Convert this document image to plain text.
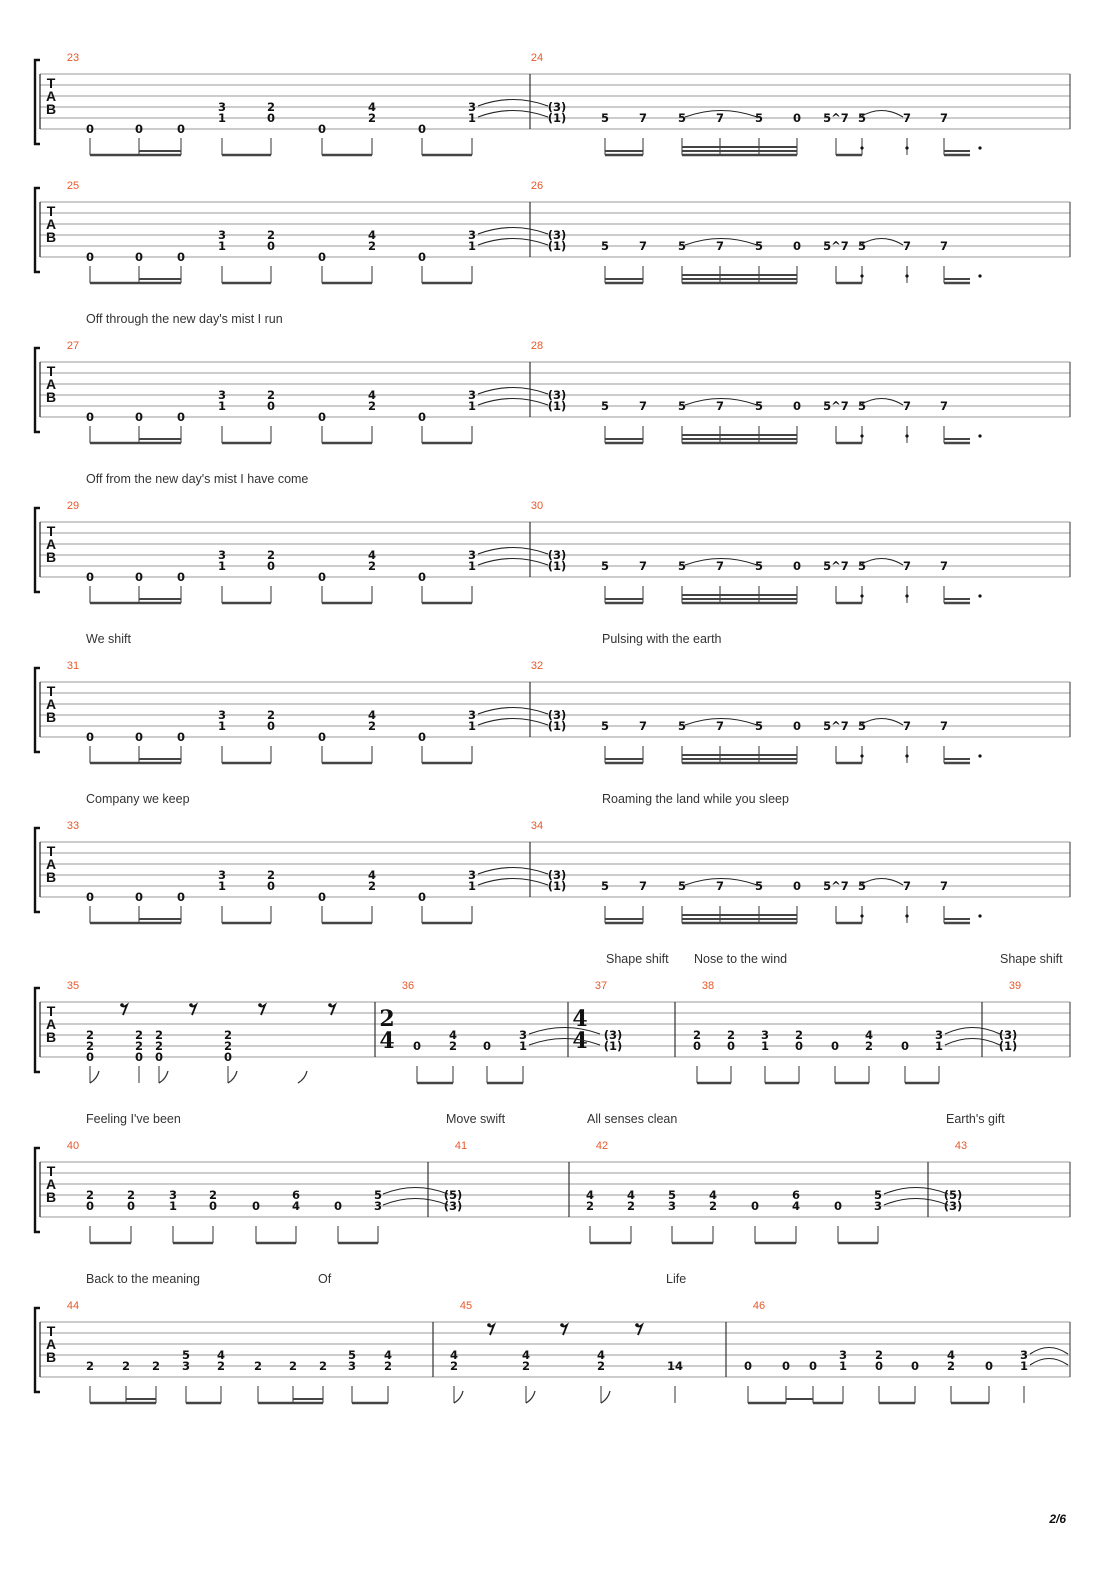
2/6
T
A
B
23	24
0	0	0
3
1
2
0
0
4
2
0
3
1
(3)
(1)	5	7	5	7	5	0 5^7 5	7	7
T
A
B
25	26
0	0	0
3
1
2
0
0
4
2
0
3
1
(3)
(1)	5	7	5	7	5	0 5^7 5	7	7
T
A
B
Off through the new day's mist I run
27	28
0	0	0
3
1
2
0
0
4
2
0
3
1
(3)
(1)	5	7	5	7	5	0 5^7 5	7	7
T
A
B
Off from the new day's mist I have come
29	30
0	0	0
3
1
2
0
0
4
2
0
3
1
(3)
(1)	5	7	5	7	5	0 5^7 5	7	7
T
A
B
We shift	Pulsing with the earth
31	32
0	0	0
3
1
2
0
0
4
2
0
3
1
(3)
(1)	5	7	5	7	5	0 5^7 5	7	7
T
A
B
Company we keep	Roaming the land while you sleep
33	34
0	0	0
3
1
2
0
0
4
2
0
3
1
(3)
(1)	5	7	5	7	5	0 5^7 5	7	7
T
A
B
Shape shift Nose to the wind	Shape shift
35
2
2
0
2
2
0
2
2
0
2
2
0
36
2
4 0
4
2 0
3
1
37
4
4 (3)
(1)
38
2
0
2
0
3
1
2
0 0
4
2 0
3
1
39
(3)
(1)
T
A
B
Feeling I've been	Move swift	All senses clean	Earth's gift
40
2
0
2
0
3
1
2
0	0
6
4	0
5
3
41
(5)
(3)
42
4
2
4
2
5
3
4
2	0
6
4	0
5
3
43
(5)
(3)
T
A
B
Back to the meaning	Of	Life
44
2 2 2
5
3
4
2	2 2 2
5
3
4
2
45
4
2
4
2
4
2	14
46
0	0 0
3
1
2
0 0
4
2	0
3
1
